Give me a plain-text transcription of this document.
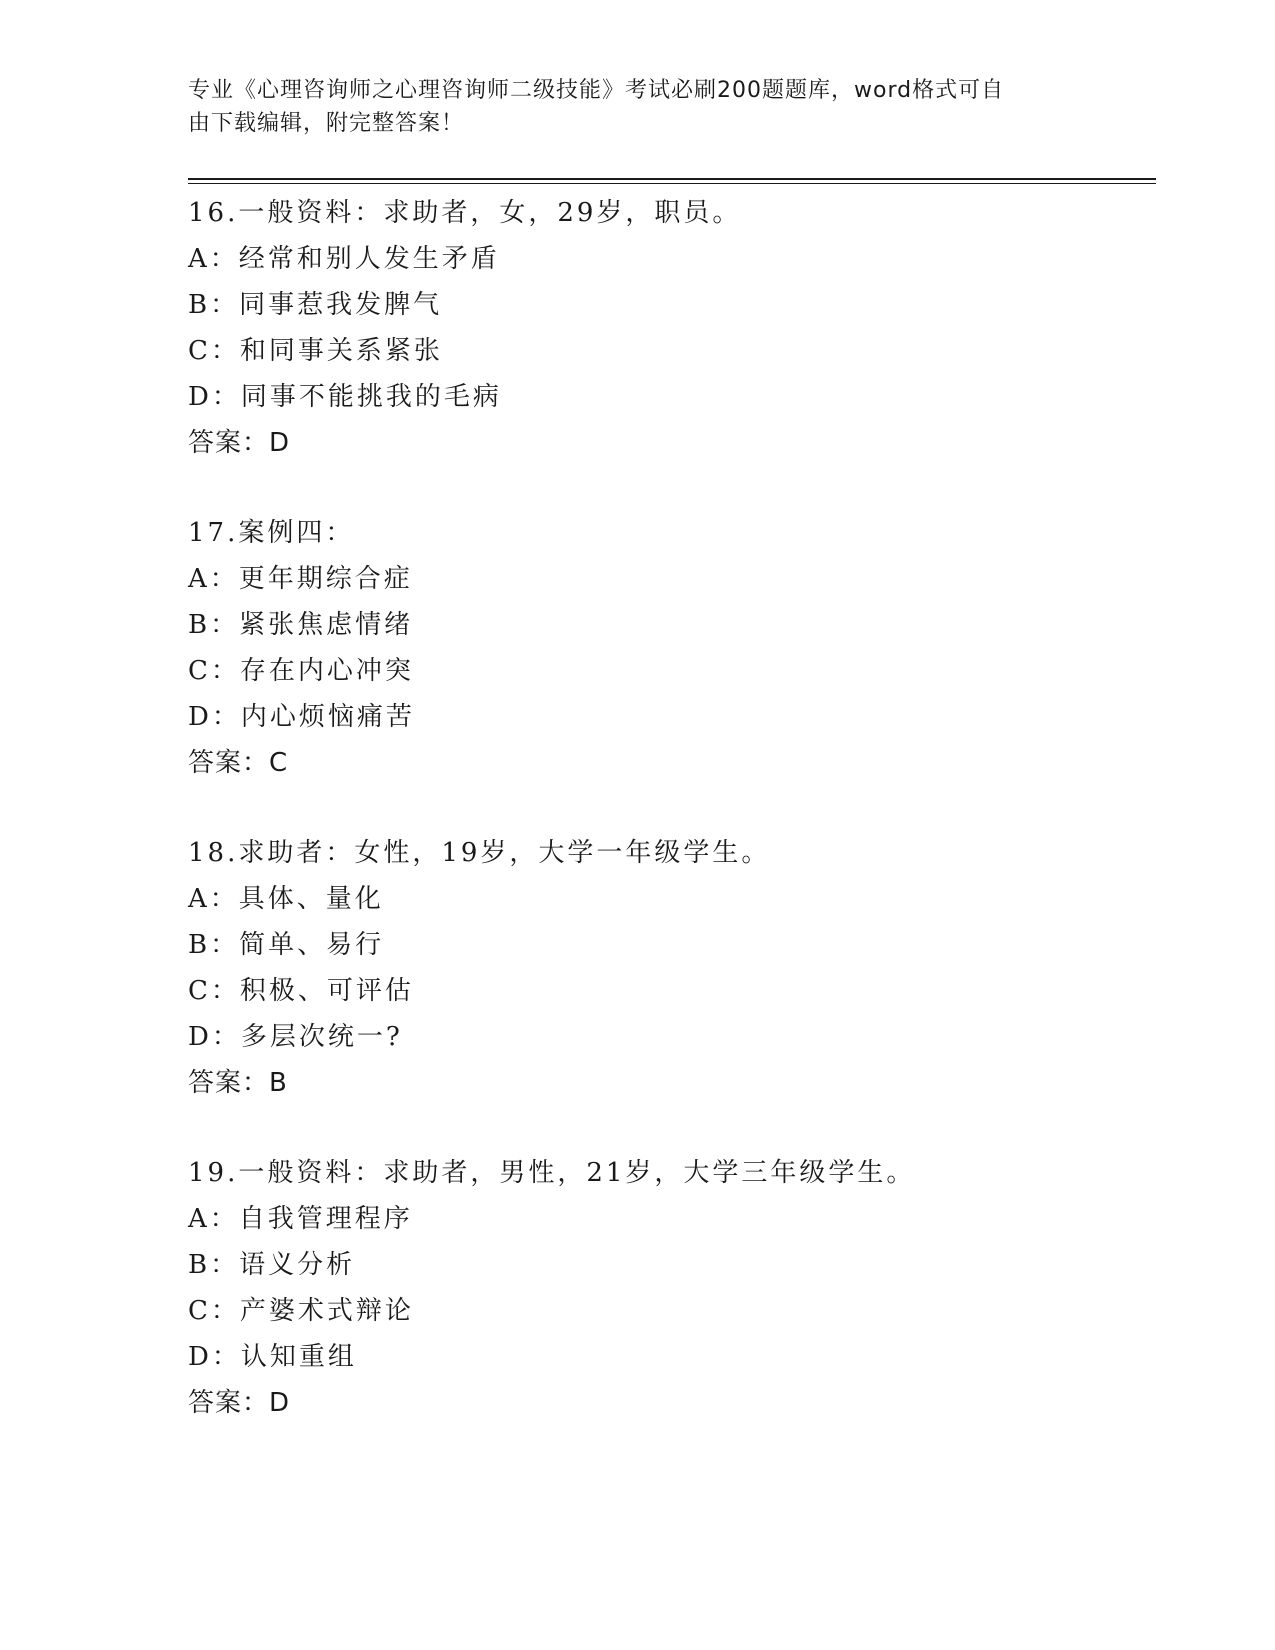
专业《心理咨询师之心理咨询师二级技能》考试必刷200题题库，word格式可自
由下载编辑，附完整答案！
16.一般资料：求助者，女，29岁，职员。
A：经常和别人发生矛盾
B：同事惹我发脾气
C：和同事关系紧张
D：同事不能挑我的毛病
答案：D
17.案例四：
A：更年期综合症
B：紧张焦虑情绪
C：存在内心冲突
D：内心烦恼痛苦
答案：C
18.求助者：女性，19岁，大学一年级学生。
A：具体、量化
B：简单、易行
C：积极、可评估
D：多层次统一?
答案：B
19.一般资料：求助者，男性，21岁，大学三年级学生。
A：自我管理程序
B：语义分析
C：产婆术式辩论
D：认知重组
答案：D
